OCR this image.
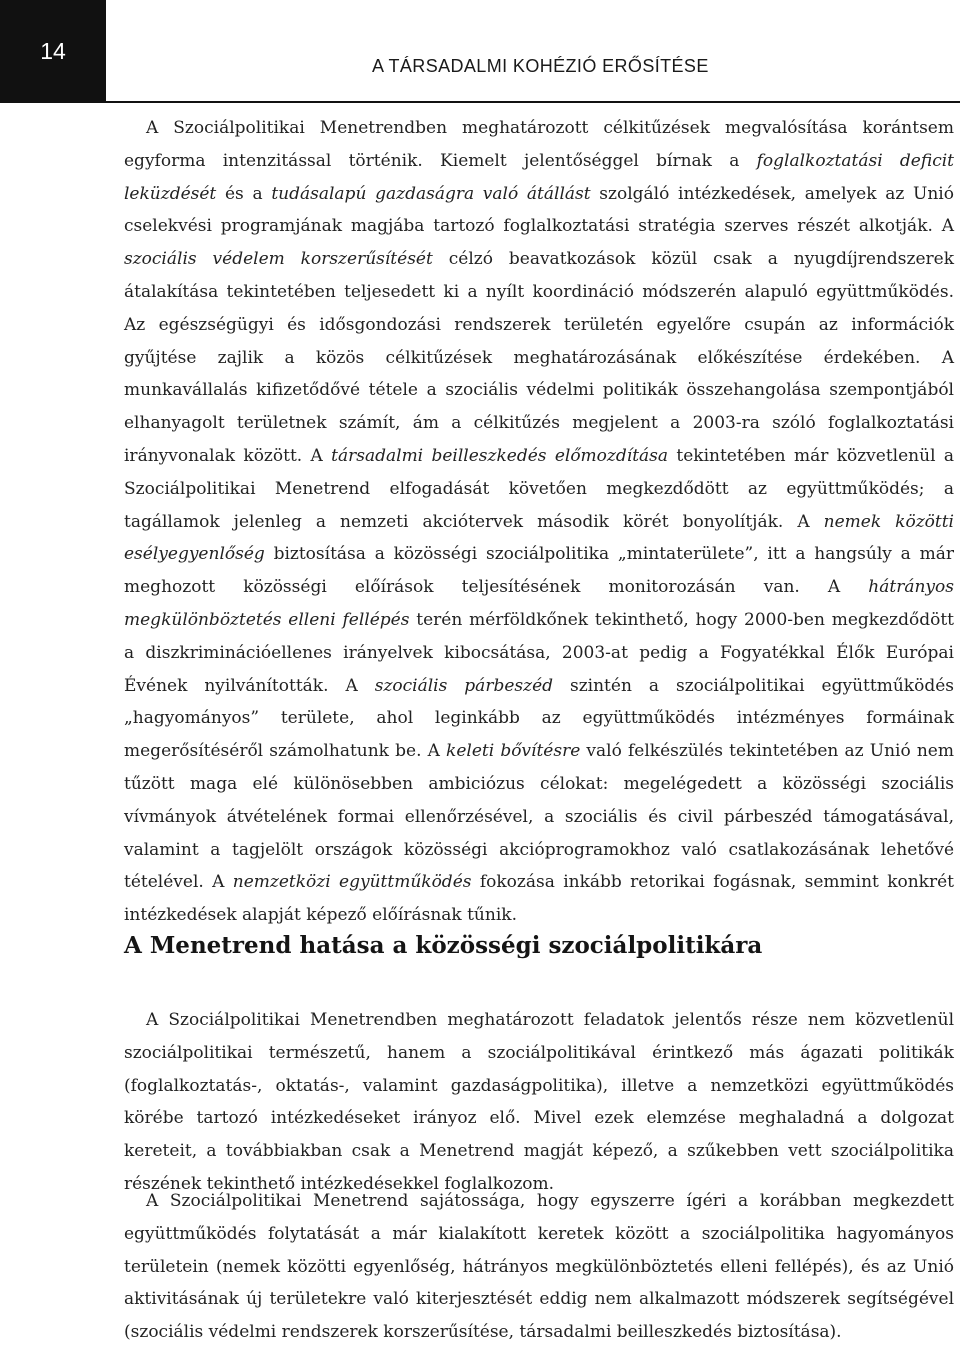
14
A TÁRSADALMI KOHÉZIÓ ERŐSÍTÉSE

A Szociálpolitikai Menetrendben meghatározott célkitűzések megvalósítása korántsem egyforma intenzitással történik. Kiemelt jelentőséggel bírnak a foglalkoztatási deficit leküzdését és a tudásalapú gazdaságra való átállást szolgáló intézkedések, amelyek az Unió cselekvési programjának magjába tartozó foglalkoztatási stratégia szerves részét alkotják. A szociális védelem korszerűsítését célzó beavatkozások közül csak a nyugdíjrendszerek átalakítása tekintetében teljesedett ki a nyílt koordináció módszerén alapuló együttműködés. Az egészségügyi és idősgondozási rendszerek területén egyelőre csupán az információk gyűjtése zajlik a közös célkitűzések meghatározásának előkészítése érdekében. A munkavállalás kifizetődővé tétele a szociális védelmi politikák összehangolása szempontjából elhanyagolt területnek számít, ám a célkitűzés megjelent a 2003-ra szóló foglalkoztatási irányvonalak között. A társadalmi beilleszkedés előmozdítása tekintetében már közvetlenül a Szociálpolitikai Menetrend elfogadását követően megkezdődött az együttműködés; a tagállamok jelenleg a nemzeti akciótervek második körét bonyolítják. A nemek közötti esélyegyenlőség biztosítása a közösségi szociálpolitika „mintaterülete”, itt a hangsúly a már meghozott közösségi előírások teljesítésének monitorozásán van. A hátrányos megkülönböztetés elleni fellépés terén mérföldkőnek tekinthető, hogy 2000-ben megkezdődött a diszkriminációellenes irányelvek kibocsátása, 2003-at pedig a Fogyatékkal Élők Európai Évének nyilvánították. A szociális párbeszéd szintén a szociálpolitikai együttműködés „hagyományos” területe, ahol leginkább az együttműködés intézményes formáinak megerősítéséről számolhatunk be. A keleti bővítésre való felkészülés tekintetében az Unió nem tűzött maga elé különösebben ambiciózus célokat: megelégedett a közösségi szociális vívmányok átvételének formai ellenőrzésével, a szociális és civil párbeszéd támogatásával, valamint a tagjelölt országok közösségi akcióprogramokhoz való csatlakozásának lehetővé tételével. A nemzetközi együttműködés fokozása inkább retorikai fogásnak, semmint konkrét intézkedések alapját képező előírásnak tűnik.

A Menetrend hatása a közösségi szociálpolitikára

A Szociálpolitikai Menetrendben meghatározott feladatok jelentős része nem közvetlenül szociálpolitikai természetű, hanem a szociálpolitikával érintkező más ágazati politikák (foglalkoztatás-, oktatás-, valamint gazdaságpolitika), illetve a nemzetközi együttműködés körébe tartozó intézkedéseket irányoz elő. Mivel ezek elemzése meghaladná a dolgozat kereteit, a továbbiakban csak a Menetrend magját képező, a szűkebben vett szociálpolitika részének tekinthető intézkedésekkel foglalkozom.

A Szociálpolitikai Menetrend sajátossága, hogy egyszerre ígéri a korábban megkezdett együttműködés folytatását a már kialakított keretek között a szociálpolitika hagyományos területein (nemek közötti egyenlőség, hátrányos megkülönböztetés elleni fellépés), és az Unió aktivitásának új területekre való kiterjesztését eddig nem alkalmazott módszerek segítségével (szociális védelmi rendszerek korszerűsítése, társadalmi beilleszkedés biztosítása).
